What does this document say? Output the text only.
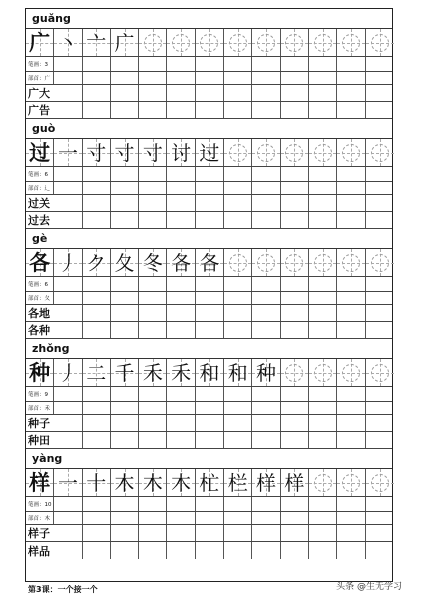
guǎng
广 丶 亠 广
笔画：3
部首：广
广大
广告
guò
过 一 寸 寸 寸 讨 过
笔画：6
部首：辶
过关
过去
gè
各 丿 ク 夂 冬 各 各
笔画：6
部首：夂
各地
各种
zhǒng
种 丿 二 千 禾 禾 和 和 种
笔画：9
部首：禾
种子
种田
yàng
样 一 十 木 木 木 杧 栏 样 样
笔画：10
部首：木
样子
样品
第3课：一个接一个	头条 @生无学习
